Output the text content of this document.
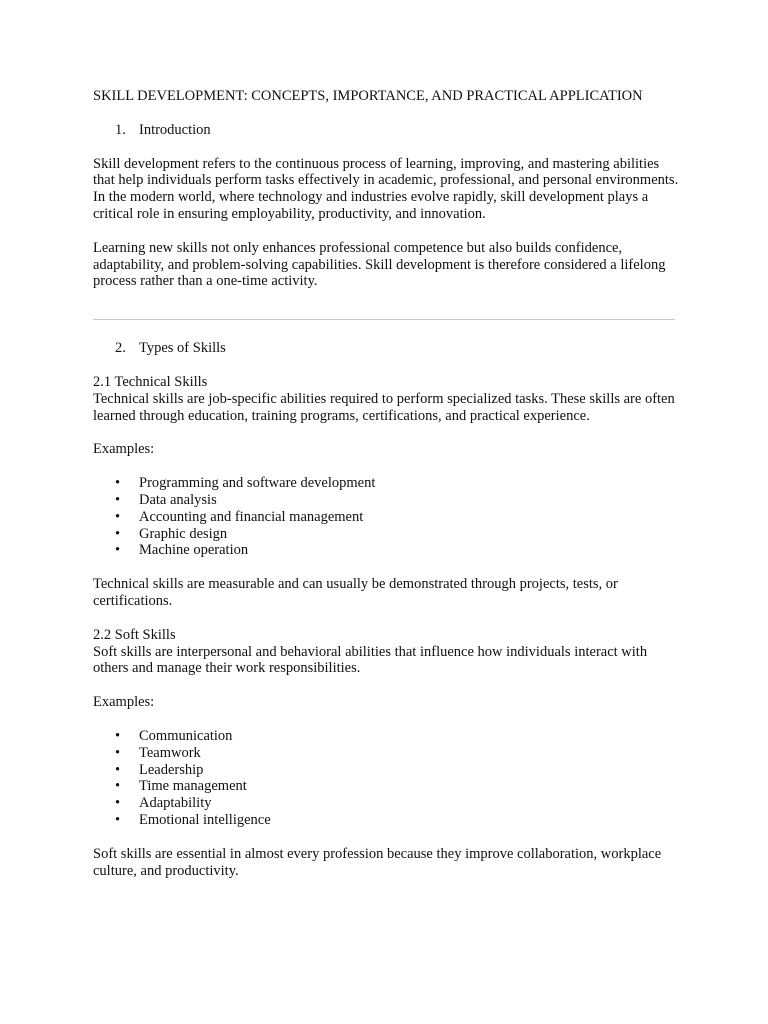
SKILL DEVELOPMENT: CONCEPTS, IMPORTANCE, AND PRACTICAL APPLICATION

1. Introduction

Skill development refers to the continuous process of learning, improving, and mastering abilities that help individuals perform tasks effectively in academic, professional, and personal environments. In the modern world, where technology and industries evolve rapidly, skill development plays a critical role in ensuring employability, productivity, and innovation.

Learning new skills not only enhances professional competence but also builds confidence, adaptability, and problem-solving capabilities. Skill development is therefore considered a lifelong process rather than a one-time activity.

2. Types of Skills

2.1 Technical Skills

Technical skills are job-specific abilities required to perform specialized tasks. These skills are often learned through education, training programs, certifications, and practical experience.

Examples:

• Programming and software development
• Data analysis
• Accounting and financial management
• Graphic design
• Machine operation

Technical skills are measurable and can usually be demonstrated through projects, tests, or certifications.

2.2 Soft Skills

Soft skills are interpersonal and behavioral abilities that influence how individuals interact with others and manage their work responsibilities.

Examples:

• Communication
• Teamwork
• Leadership
• Time management
• Adaptability
• Emotional intelligence

Soft skills are essential in almost every profession because they improve collaboration, workplace culture, and productivity.
